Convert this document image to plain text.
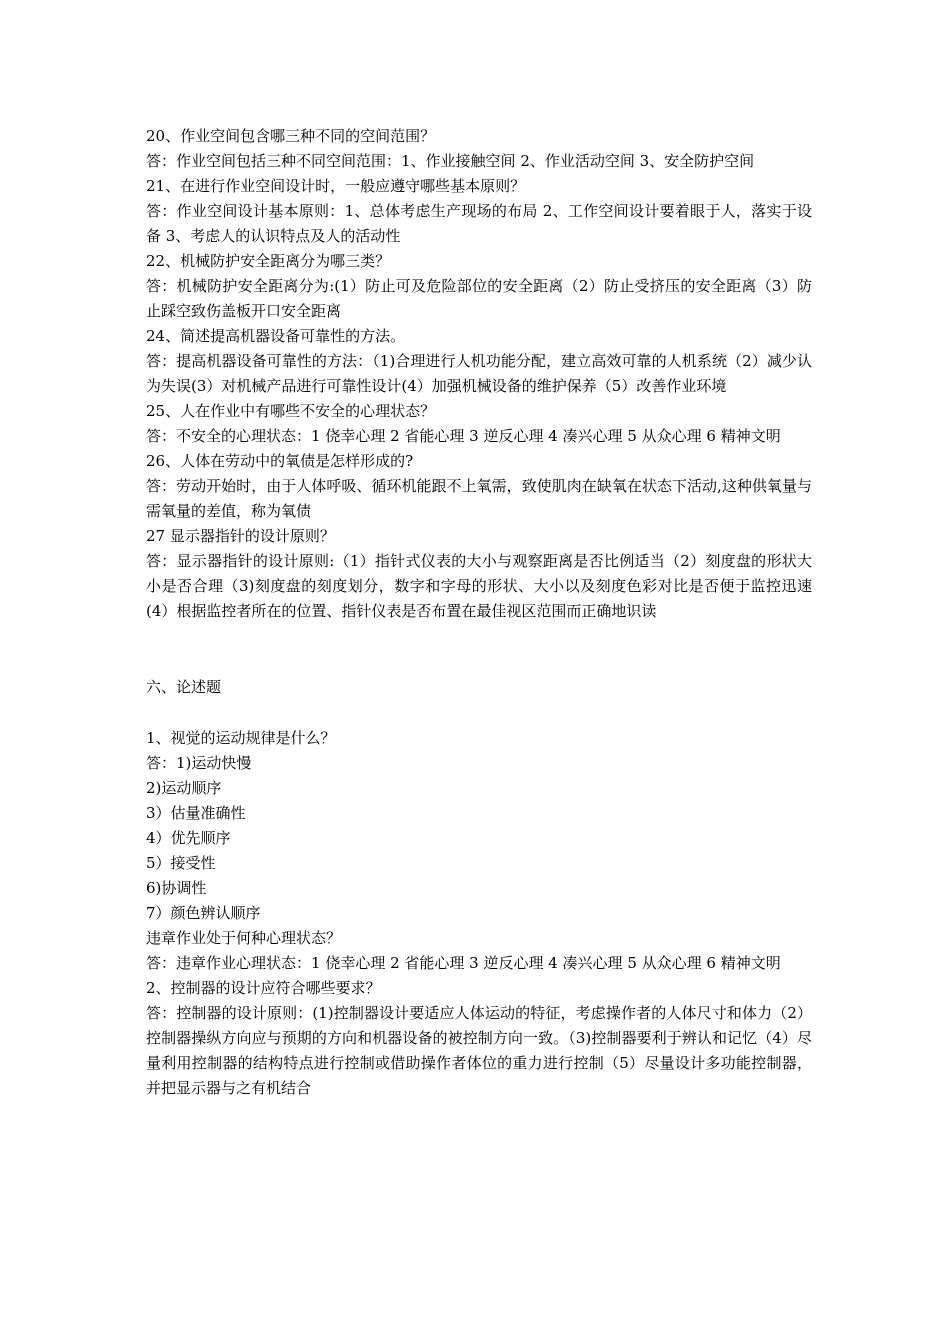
20、作业空间包含哪三种不同的空间范围？

答：作业空间包括三种不同空间范围：1、作业接触空间 2、作业活动空间 3、安全防护空间

21、在进行作业空间设计时，一般应遵守哪些基本原则？

答：作业空间设计基本原则：1、总体考虑生产现场的布局 2、工作空间设计要着眼于人，落实于设备 3、考虑人的认识特点及人的活动性

22、机械防护安全距离分为哪三类？

答：机械防护安全距离分为:(1）防止可及危险部位的安全距离（2）防止受挤压的安全距离（3）防止踩空致伤盖板开口安全距离

24、简述提高机器设备可靠性的方法。

答：提高机器设备可靠性的方法：（1)合理进行人机功能分配，建立高效可靠的人机系统（2）减少认为失误(3）对机械产品进行可靠性设计(4）加强机械设备的维护保养（5）改善作业环境

25、人在作业中有哪些不安全的心理状态？

答：不安全的心理状态：1 侥幸心理 2 省能心理 3 逆反心理 4 凑兴心理 5 从众心理 6 精神文明

26、人体在劳动中的氧债是怎样形成的?

答：劳动开始时，由于人体呼吸、循环机能跟不上氧需，致使肌肉在缺氧在状态下活动,这种供氧量与需氧量的差值，称为氧债

27 显示器指针的设计原则？

答：显示器指针的设计原则:（1）指针式仪表的大小与观察距离是否比例适当（2）刻度盘的形状大小是否合理（3)刻度盘的刻度划分，数字和字母的形状、大小以及刻度色彩对比是否便于监控迅速(4）根据监控者所在的位置、指针仪表是否布置在最佳视区范围而正确地识读

六、论述题

1、视觉的运动规律是什么？

答：1)运动快慢

2)运动顺序

3）估量准确性

4）优先顺序

5）接受性

6)协调性

7）颜色辨认顺序

违章作业处于何种心理状态？

答：违章作业心理状态：1 侥幸心理 2 省能心理 3 逆反心理 4 凑兴心理 5 从众心理 6 精神文明

2、控制器的设计应符合哪些要求？

答：控制器的设计原则：(1)控制器设计要适应人体运动的特征，考虑操作者的人体尺寸和体力（2）控制器操纵方向应与预期的方向和机器设备的被控制方向一致。（3)控制器要利于辨认和记忆（4）尽量利用控制器的结构特点进行控制或借助操作者体位的重力进行控制（5）尽量设计多功能控制器，并把显示器与之有机结合
